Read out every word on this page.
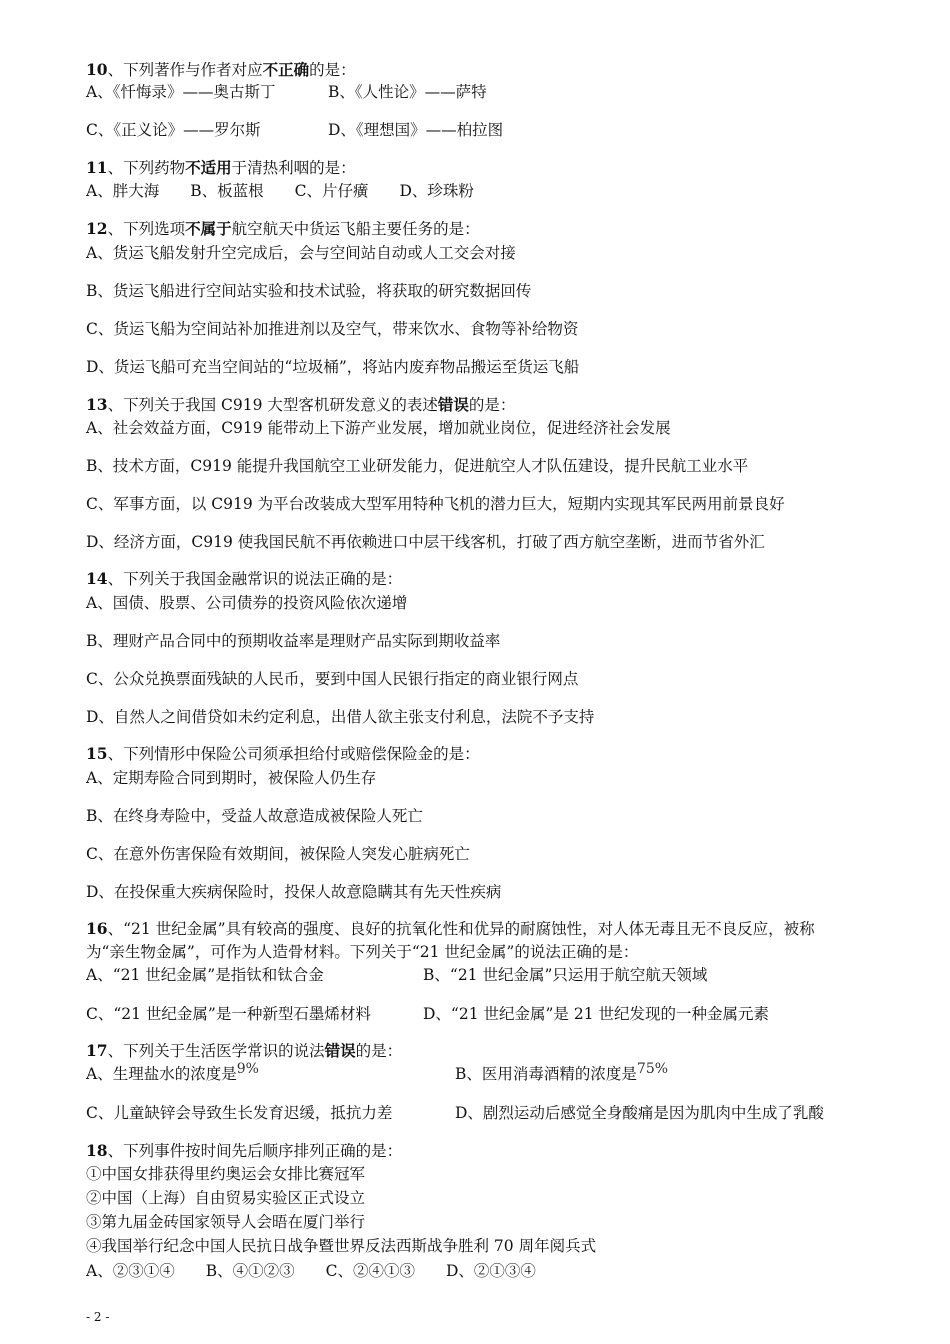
10、下列著作与作者对应不正确的是：
A、《忏悔录》——奥古斯丁	B、《人性论》——萨特
C、《正义论》——罗尔斯	D、《理想国》——柏拉图
11、下列药物不适用于清热利咽的是：
A、胖大海　　B、板蓝根　　C、片仔癀　　D、珍珠粉
12、下列选项不属于航空航天中货运飞船主要任务的是：
A、货运飞船发射升空完成后，会与空间站自动或人工交会对接
B、货运飞船进行空间站实验和技术试验，将获取的研究数据回传
C、货运飞船为空间站补加推进剂以及空气，带来饮水、食物等补给物资
D、货运飞船可充当空间站的“垃圾桶”，将站内废弃物品搬运至货运飞船
13、下列关于我国 C919 大型客机研发意义的表述错误的是：
A、社会效益方面，C919 能带动上下游产业发展，增加就业岗位，促进经济社会发展
B、技术方面，C919 能提升我国航空工业研发能力，促进航空人才队伍建设，提升民航工业水平
C、军事方面，以 C919 为平台改装成大型军用特种飞机的潜力巨大，短期内实现其军民两用前景良好
D、经济方面，C919 使我国民航不再依赖进口中层干线客机，打破了西方航空垄断，进而节省外汇
14、下列关于我国金融常识的说法正确的是：
A、国债、股票、公司债券的投资风险依次递增
B、理财产品合同中的预期收益率是理财产品实际到期收益率
C、公众兑换票面残缺的人民币，要到中国人民银行指定的商业银行网点
D、自然人之间借贷如未约定利息，出借人欲主张支付利息，法院不予支持
15、下列情形中保险公司须承担给付或赔偿保险金的是：
A、定期寿险合同到期时，被保险人仍生存
B、在终身寿险中，受益人故意造成被保险人死亡
C、在意外伤害保险有效期间，被保险人突发心脏病死亡
D、在投保重大疾病保险时，投保人故意隐瞒其有先天性疾病
16、“21 世纪金属”具有较高的强度、良好的抗氧化性和优异的耐腐蚀性，对人体无毒且无不良反应，被称
为“亲生物金属”，可作为人造骨材料。下列关于“21 世纪金属”的说法正确的是：
A、“21 世纪金属”是指钛和钛合金	B、“21 世纪金属”只运用于航空航天领域
C、“21 世纪金属”是一种新型石墨烯材料	D、“21 世纪金属”是 21 世纪发现的一种金属元素
17、下列关于生活医学常识的说法错误的是：
A、生理盐水的浓度是9%	B、医用消毒酒精的浓度是75%
C、儿童缺锌会导致生长发育迟缓，抵抗力差	D、剧烈运动后感觉全身酸痛是因为肌肉中生成了乳酸
18、下列事件按时间先后顺序排列正确的是：
①中国女排获得里约奥运会女排比赛冠军
②中国（上海）自由贸易实验区正式设立
③第九届金砖国家领导人会晤在厦门举行
④我国举行纪念中国人民抗日战争暨世界反法西斯战争胜利 70 周年阅兵式
A、②③①④　　B、④①②③　　C、②④①③　　D、②①③④
- 2 -
